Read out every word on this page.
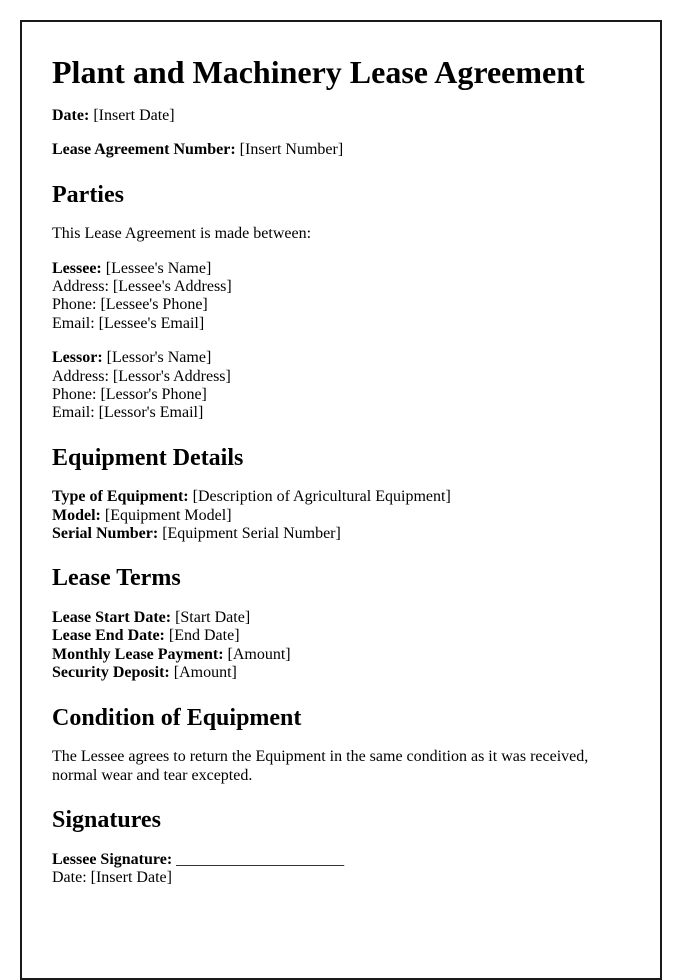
Plant and Machinery Lease Agreement

Date: [Insert Date]

Lease Agreement Number: [Insert Number]

Parties

This Lease Agreement is made between:

Lessee: [Lessee's Name]
Address: [Lessee's Address]
Phone: [Lessee's Phone]
Email: [Lessee's Email]

Lessor: [Lessor's Name]
Address: [Lessor's Address]
Phone: [Lessor's Phone]
Email: [Lessor's Email]

Equipment Details

Type of Equipment: [Description of Agricultural Equipment]
Model: [Equipment Model]
Serial Number: [Equipment Serial Number]

Lease Terms

Lease Start Date: [Start Date]
Lease End Date: [End Date]
Monthly Lease Payment: [Amount]
Security Deposit: [Amount]

Condition of Equipment

The Lessee agrees to return the Equipment in the same condition as it was received, normal wear and tear excepted.

Signatures

Lessee Signature: _____________________
Date: [Insert Date]
